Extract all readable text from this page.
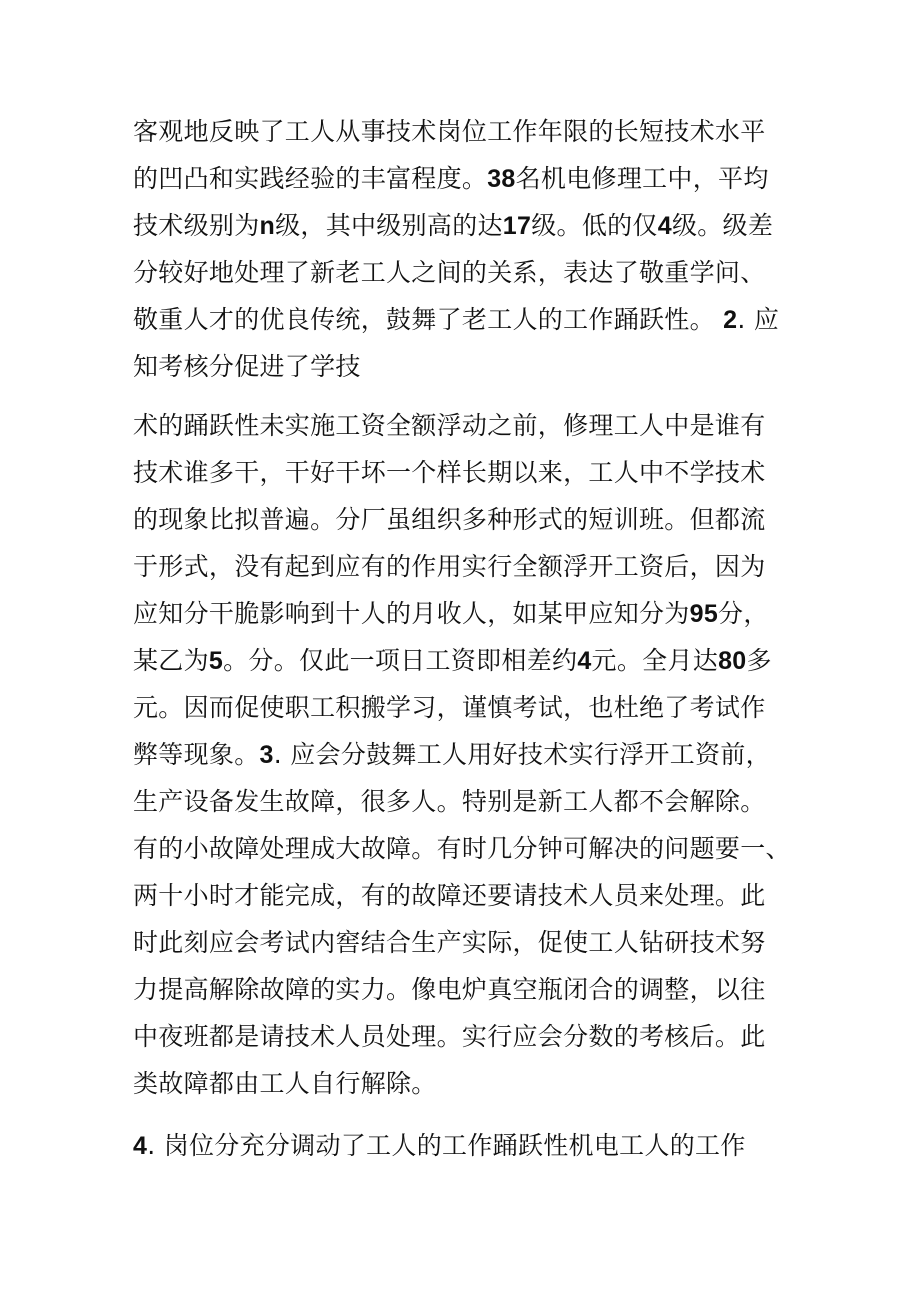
客观地反映了工人从事技术岗位工作年限的长短技术水平
的凹凸和实践经验的丰富程度。38名机电修理工中，平均
技术级别为n级，其中级别高的达17级。低的仅4级。级差
分较好地处理了新老工人之间的关系，表达了敬重学问、
敬重人才的优良传统，鼓舞了老工人的工作踊跃性。 2. 应
知考核分促进了学技
术的踊跃性未实施工资全额浮动之前，修理工人中是谁有
技术谁多干，干好干坏一个样长期以来，工人中不学技术
的现象比拟普遍。分厂虽组织多种形式的短训班。但都流
于形式，没有起到应有的作用实行全额浮开工资后，因为
应知分干脆影响到十人的月收人，如某甲应知分为95分，
某乙为5。分。仅此一项日工资即相差约4元。全月达80多
元。因而促使职工积搬学习，谨慎考试，也杜绝了考试作
弊等现象。3. 应会分鼓舞工人用好技术实行浮开工资前，
生产设备发生故障，很多人。特别是新工人都不会解除。
有的小故障处理成大故障。有时几分钟可解决的问题要一、
两十小时才能完成，有的故障还要请技术人员来处理。此
时此刻应会考试内窖结合生产实际，促使工人钻研技术努
力提高解除故障的实力。像电炉真空瓶闭合的调整，以往
中夜班都是请技术人员处理。实行应会分数的考核后。此
类故障都由工人自行解除。
4. 岗位分充分调动了工人的工作踊跃性机电工人的工作
